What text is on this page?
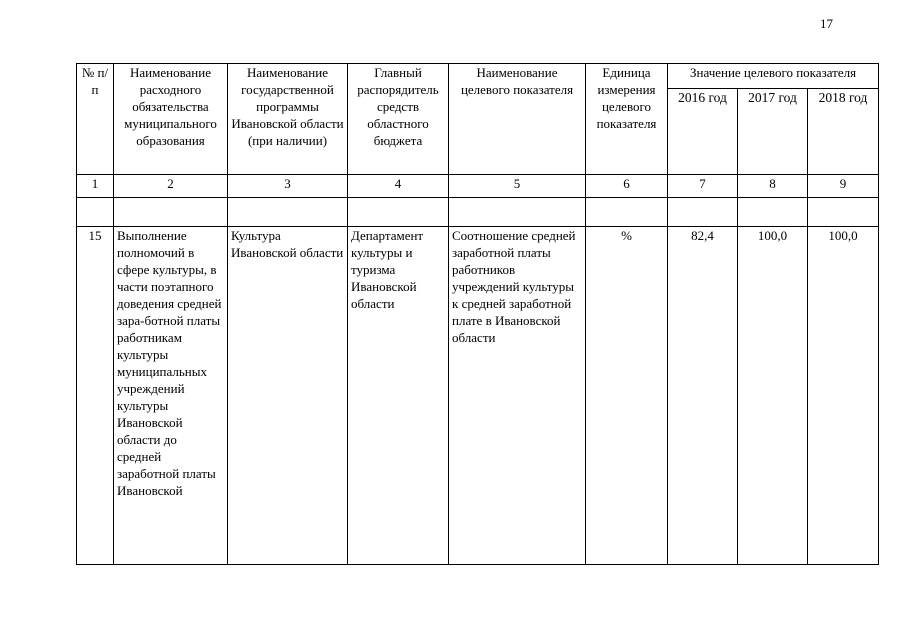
17
№ п/п	Наименование расходного обязательства муниципального образования	Наименование государственной программы Ивановской области (при наличии)	Главный распорядитель средств областного бюджета	Наименование целевого показателя	Единица измерения целевого показателя	Значение целевого показателя		
						2016 год	2017 год	2018 год
1	2	3	4	5	6	7	8	9

15	Выполнение полномочий в сфере культуры, в части поэтапного доведения средней зара-ботной платы работникам культуры муниципальных учреждений культуры Ивановской области до средней заработной платы Ивановской	Культура Ивановской области	Департамент культуры и туризма Ивановской области	Соотношение средней заработной платы работников учреждений культуры к средней заработной плате в Ивановской области	%	82,4	100,0	100,0
